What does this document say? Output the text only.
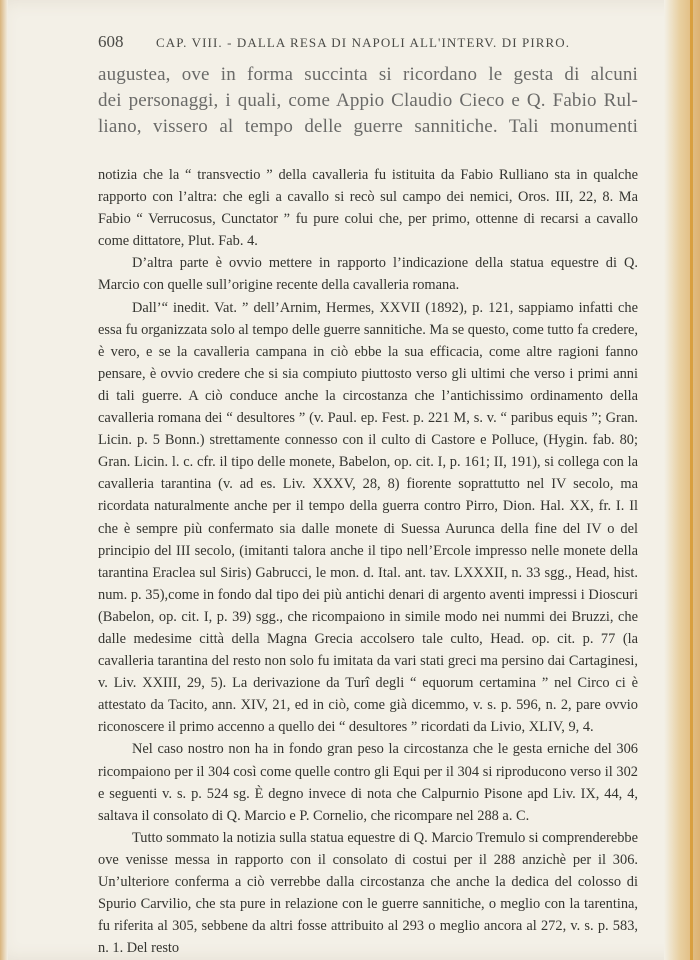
608	CAP. VIII. - DALLA RESA DI NAPOLI ALL'INTERV. DI PIRRO.
augustea, ove in forma succinta si ricordano le gesta di alcuni
dei personaggi, i quali, come Appio Claudio Cieco e Q. Fabio Rul-
liano, vissero al tempo delle guerre sannitiche. Tali monumenti

notizia che la “ transvectio ” della cavalleria fu istituita da Fabio Rulliano sta in qualche rapporto con l’altra: che egli a cavallo si recò sul campo dei nemici, Oros. III, 22, 8. Ma Fabio “ Verrucosus, Cunctator ” fu pure colui che, per primo, ottenne di recarsi a cavallo come dittatore, Plut. Fab. 4.

D’altra parte è ovvio mettere in rapporto l’indicazione della statua equestre di Q. Marcio con quelle sull’origine recente della cavalleria romana.

Dall’“ inedit. Vat. ” dell’Arnim, Hermes, XXVII (1892), p. 121, sappiamo infatti che essa fu organizzata solo al tempo delle guerre sannitiche. Ma se questo, come tutto fa credere, è vero, e se la cavalleria campana in ciò ebbe la sua efficacia, come altre ragioni fanno pensare, è ovvio credere che si sia compiuto piuttosto verso gli ultimi che verso i primi anni di tali guerre. A ciò conduce anche la circostanza che l’antichissimo ordinamento della cavalleria romana dei “ desultores ” (v. Paul. ep. Fest. p. 221 M, s. v. “ paribus equis ”; Gran. Licin. p. 5 Bonn.) strettamente connesso con il culto di Castore e Polluce, (Hygin. fab. 80; Gran. Licin. l. c. cfr. il tipo delle monete, Babelon, op. cit. I, p. 161; II, 191), si collega con la cavalleria tarantina (v. ad es. Liv. XXXV, 28, 8) fiorente soprattutto nel IV secolo, ma ricordata naturalmente anche per il tempo della guerra contro Pirro, Dion. Hal. XX, fr. I. Il che è sempre più confermato sia dalle monete di Suessa Aurunca della fine del IV o del principio del III secolo, (imitanti talora anche il tipo nell’Ercole impresso nelle monete della tarantina Eraclea sul Siris) Gabrucci, le mon. d. Ital. ant. tav. LXXXII, n. 33 sgg., Head, hist. num. p. 35),come in fondo dal tipo dei più antichi denari di argento aventi impressi i Dioscuri (Babelon, op. cit. I, p. 39) sgg., che ricompaiono in simile modo nei nummi dei Bruzzi, che dalle medesime città della Magna Grecia accolsero tale culto, Head. op. cit. p. 77 (la cavalleria tarantina del resto non solo fu imitata da vari stati greci ma persino dai Cartaginesi, v. Liv. XXIII, 29, 5). La derivazione da Turî degli “ equorum certamina ” nel Circo ci è attestato da Tacito, ann. XIV, 21, ed in ciò, come già dicemmo, v. s. p. 596, n. 2, pare ovvio riconoscere il primo accenno a quello dei “ desultores ” ricordati da Livio, XLIV, 9, 4.

Nel caso nostro non ha in fondo gran peso la circostanza che le gesta erniche del 306 ricompaiono per il 304 così come quelle contro gli Equi per il 304 si riproducono verso il 302 e seguenti v. s. p. 524 sg. È degno invece di nota che Calpurnio Pisone apd Liv. IX, 44, 4, saltava il consolato di Q. Marcio e P. Cornelio, che ricompare nel 288 a. C.

Tutto sommato la notizia sulla statua equestre di Q. Marcio Tremulo si comprenderebbe ove venisse messa in rapporto con il consolato di costui per il 288 anzichè per il 306. Un’ulteriore conferma a ciò verrebbe dalla circostanza che anche la dedica del colosso di Spurio Carvilio, che sta pure in relazione con le guerre sannitiche, o meglio con la tarentina, fu riferita al 305, sebbene da altri fosse attribuito al 293 o meglio ancora al 272, v. s. p. 583, n. 1. Del resto
